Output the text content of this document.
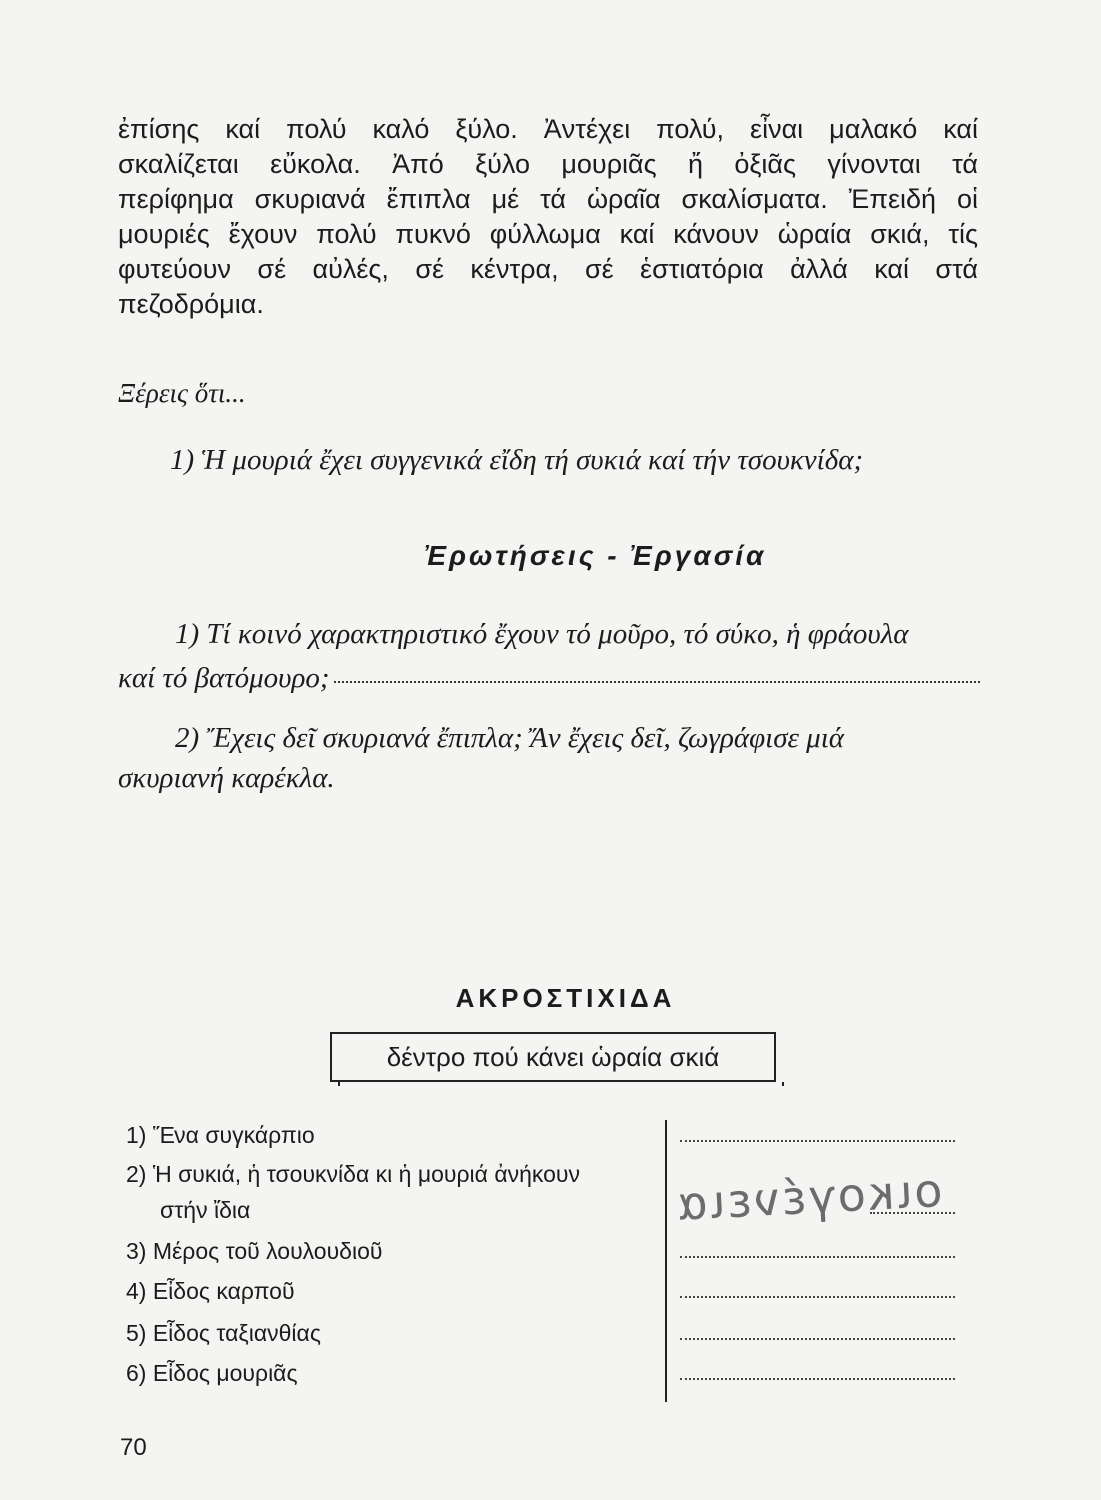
ἐπίσης καί πολύ καλό ξύλο. Ἀντέχει πολύ, εἶναι μαλακό καί
σκαλίζεται εὔκολα. Ἀπό ξύλο μουριᾶς ἤ ὀξιᾶς γίνονται τά
περίφημα σκυριανά ἔπιπλα μέ τά ὡραῖα σκαλίσματα. Ἐπειδή οἱ
μουριές ἔχουν πολύ πυκνό φύλλωμα καί κάνουν ὡραία σκιά, τίς
φυτεύουν σέ αὐλές, σέ κέντρα, σέ ἑστιατόρια ἀλλά καί στά
πεζοδρόμια.
Ξέρεις ὅτι...
1) Ἡ μουριά ἔχει συγγενικά εἴδη τή συκιά καί τήν τσουκνίδα;
Ἐρωτήσεις - Ἐργασία
1) Τί κοινό χαρακτηριστικό ἔχουν τό μοῦρο, τό σύκο, ἡ φράουλα
καί τό βατόμουρο;
2) Ἔχεις δεῖ σκυριανά ἔπιπλα; Ἄν ἔχεις δεῖ, ζωγράφισε μιά
σκυριανή καρέκλα.
ΑΚΡΟΣΤΙΧΙΔΑ
δέντρο πού κάνει ὡραία σκιά
1) Ἕνα συγκάρπιο
2) Ἡ συκιά, ἡ τσουκνίδα κι ἡ μουριά ἀνήκουν
στήν ἴδια
3) Μέρος τοῦ λουλουδιοῦ
4) Εἶδος καρποῦ
5) Εἶδος ταξιανθίας
6) Εἶδος μουριᾶς
οικογένεια
70
